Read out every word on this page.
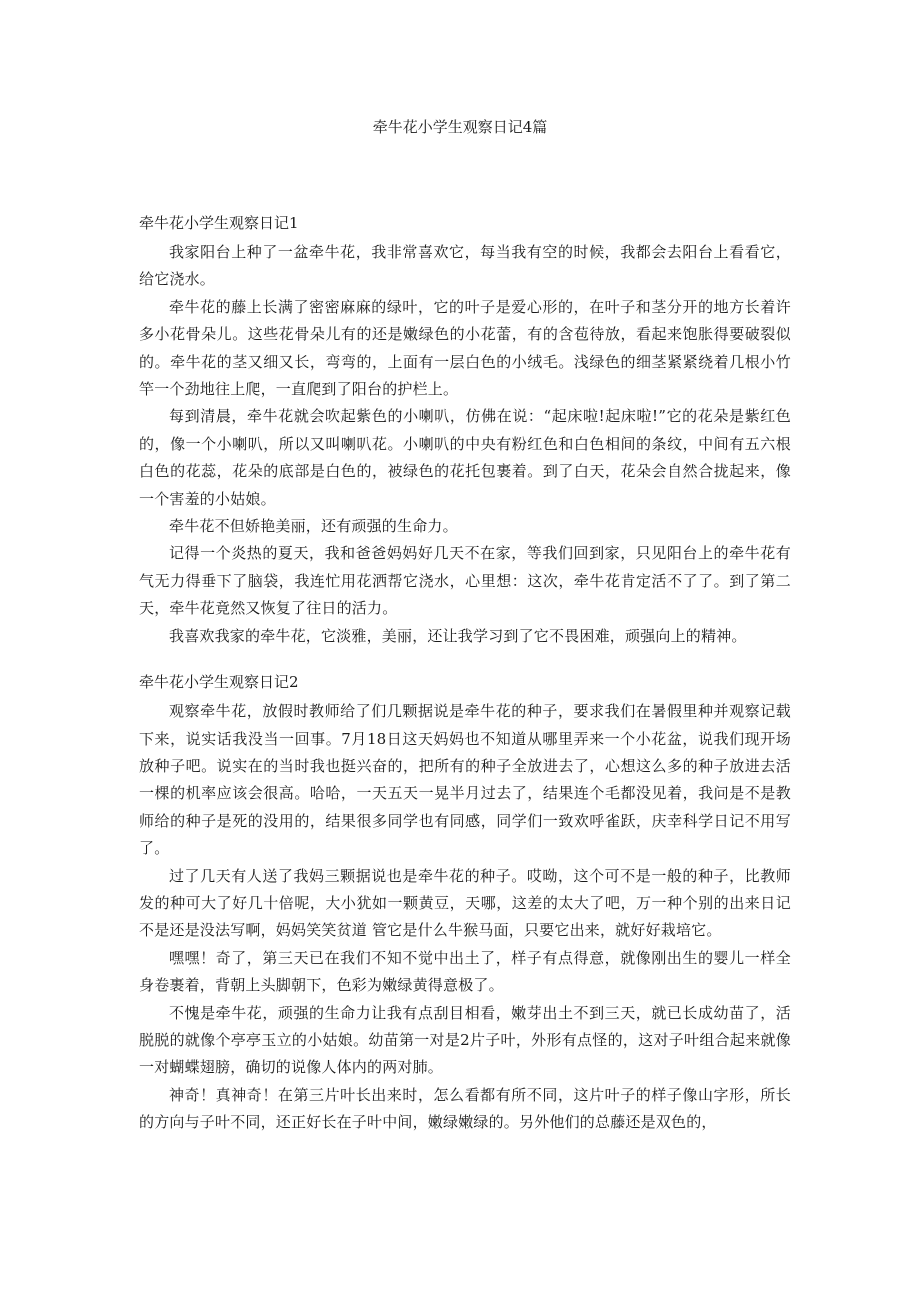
牵牛花小学生观察日记4篇

牵牛花小学生观察日记1

我家阳台上种了一盆牵牛花，我非常喜欢它，每当我有空的时候，我都会去阳台上看看它，给它浇水。

牵牛花的藤上长满了密密麻麻的绿叶，它的叶子是爱心形的，在叶子和茎分开的地方长着许多小花骨朵儿。这些花骨朵儿有的还是嫩绿色的小花蕾，有的含苞待放，看起来饱胀得要破裂似的。牵牛花的茎又细又长，弯弯的，上面有一层白色的小绒毛。浅绿色的细茎紧紧绕着几根小竹竿一个劲地往上爬，一直爬到了阳台的护栏上。

每到清晨，牵牛花就会吹起紫色的小喇叭，仿佛在说：“起床啦!起床啦!”它的花朵是紫红色的，像一个小喇叭，所以又叫喇叭花。小喇叭的中央有粉红色和白色相间的条纹，中间有五六根白色的花蕊，花朵的底部是白色的，被绿色的花托包裹着。到了白天，花朵会自然合拢起来，像一个害羞的小姑娘。

牵牛花不但娇艳美丽，还有顽强的生命力。

记得一个炎热的夏天，我和爸爸妈妈好几天不在家，等我们回到家，只见阳台上的牵牛花有气无力得垂下了脑袋，我连忙用花洒帮它浇水，心里想：这次，牵牛花肯定活不了了。到了第二天，牵牛花竟然又恢复了往日的活力。

我喜欢我家的牵牛花，它淡雅，美丽，还让我学习到了它不畏困难，顽强向上的精神。

牵牛花小学生观察日记2

观察牵牛花，放假时教师给了们几颗据说是牵牛花的种子，要求我们在暑假里种并观察记载下来，说实话我没当一回事。7月18日这天妈妈也不知道从哪里弄来一个小花盆，说我们现开场放种子吧。说实在的当时我也挺兴奋的，把所有的种子全放进去了，心想这么多的种子放进去活一棵的机率应该会很高。哈哈，一天五天一晃半月过去了，结果连个毛都没见着，我问是不是教师给的种子是死的没用的，结果很多同学也有同感，同学们一致欢呼雀跃，庆幸科学日记不用写了。

过了几天有人送了我妈三颗据说也是牵牛花的种子。哎呦，这个可不是一般的种子，比教师发的种可大了好几十倍呢，大小犹如一颗黄豆，天哪，这差的太大了吧，万一种个别的出来日记不是还是没法写啊，妈妈笑笑贫道 管它是什么牛猴马面，只要它出来，就好好栽培它。

嘿嘿！奇了，第三天已在我们不知不觉中出土了，样子有点得意，就像刚出生的婴儿一样全身卷裹着，背朝上头脚朝下，色彩为嫩绿黄得意极了。

不愧是牵牛花，顽强的生命力让我有点刮目相看，嫩芽出土不到三天，就已长成幼苗了，活脱脱的就像个亭亭玉立的小姑娘。幼苗第一对是2片子叶，外形有点怪的，这对子叶组合起来就像一对蝴蝶翅膀，确切的说像人体内的两对肺。

神奇！真神奇！在第三片叶长出来时，怎么看都有所不同，这片叶子的样子像山字形，所长的方向与子叶不同，还正好长在子叶中间，嫩绿嫩绿的。另外他们的总藤还是双色的，
